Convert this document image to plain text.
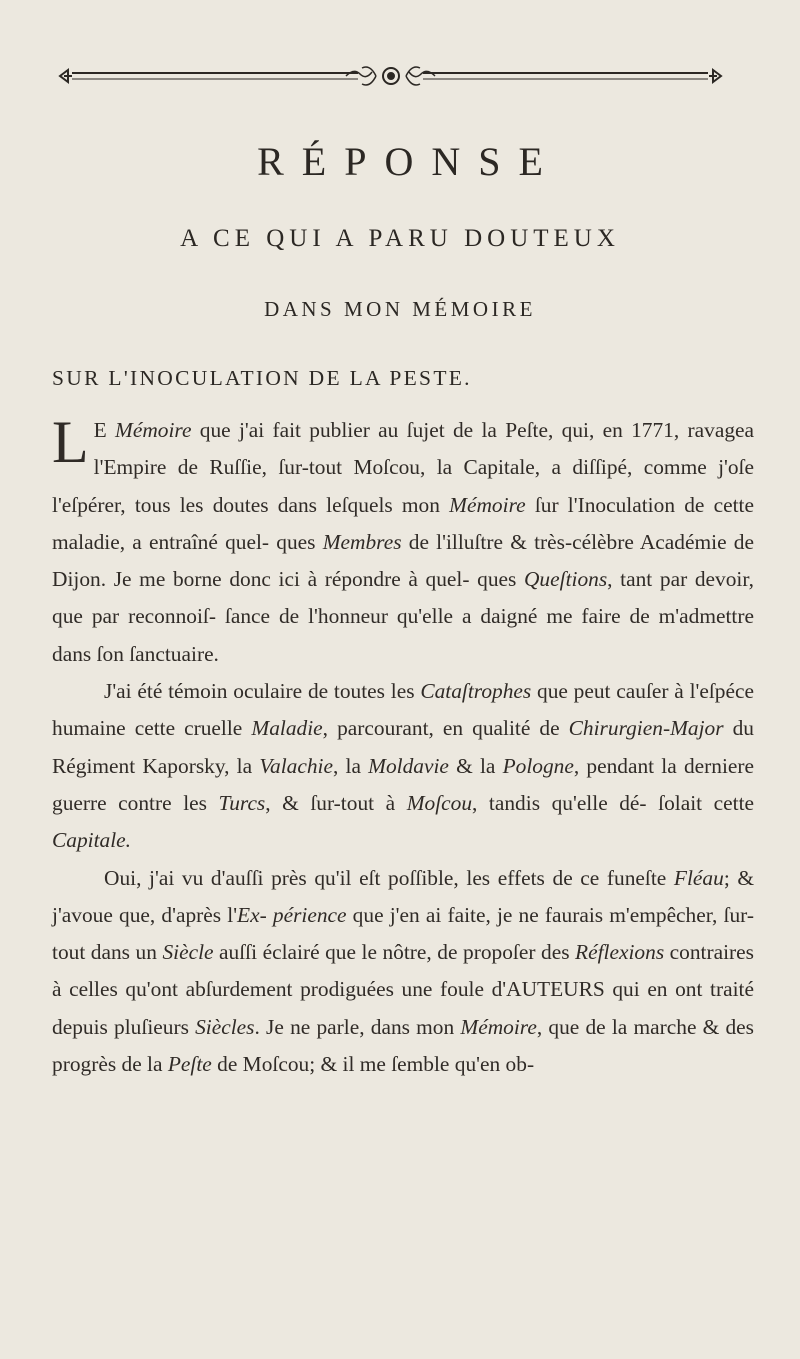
RÉPONSE
A CE QUI A PARU DOUTEUX
DANS MON MÉMOIRE
SUR L'INOCULATION DE LA PESTE.

L E Mémoire que j'ai fait publier au ſujet de la Peſte, qui, en 1771, ravagea l'Empire de Ruſſie, ſur-tout Moſcou, la Capitale, a diſſipé, comme j'oſe l'eſpérer, tous les doutes dans leſquels mon Mémoire ſur l'Inoculation de cette maladie, a entraîné quel- ques Membres de l'illuſtre & très-célèbre Académie de Dijon. Je me borne donc ici à répondre à quel- ques Queſtions, tant par devoir, que par reconnoiſ- ſance de l'honneur qu'elle a daigné me faire de m'admettre dans ſon ſanctuaire.

J'ai été témoin oculaire de toutes les Cataſtrophes que peut cauſer à l'eſpéce humaine cette cruelle Maladie, parcourant, en qualité de Chirurgien-Major du Régiment Kaporsky, la Valachie, la Moldavie & la Pologne, pendant la derniere guerre contre les Turcs, & ſur-tout à Moſcou, tandis qu'elle dé- ſolait cette Capitale.

Oui, j'ai vu d'auſſi près qu'il eſt poſſible, les effets de ce funeſte Fléau; & j'avoue que, d'après l'Ex- périence que j'en ai faite, je ne faurais m'empêcher, ſur-tout dans un Siècle auſſi éclairé que le nôtre, de propoſer des Réflexions contraires à celles qu'ont abſurdement prodiguées une foule d'AUTEURS qui en ont traité depuis pluſieurs Siècles. Je ne parle, dans mon Mémoire, que de la marche & des progrès de la Peſte de Moſcou; & il me ſemble qu'en ob-
